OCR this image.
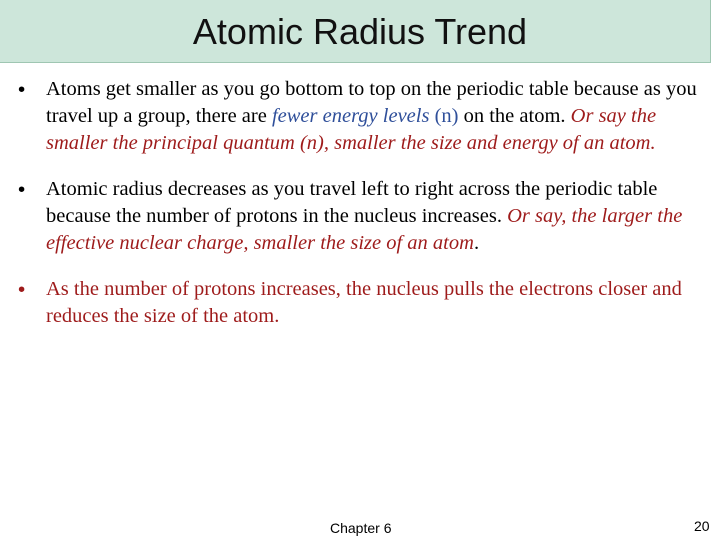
Atomic Radius Trend
•	Atoms get smaller as you go bottom to top on the periodic table because as you travel up a group, there are fewer energy levels (n) on the atom. Or say the smaller the principal quantum (n), smaller the size and energy of an atom.
•	Atomic radius decreases as you travel left to right across the periodic table because the number of protons in the nucleus increases. Or say, the larger the effective nuclear charge, smaller the size of an atom.
•	As the number of protons increases, the nucleus pulls the electrons closer and reduces the size of the atom.
Chapter 6	20
